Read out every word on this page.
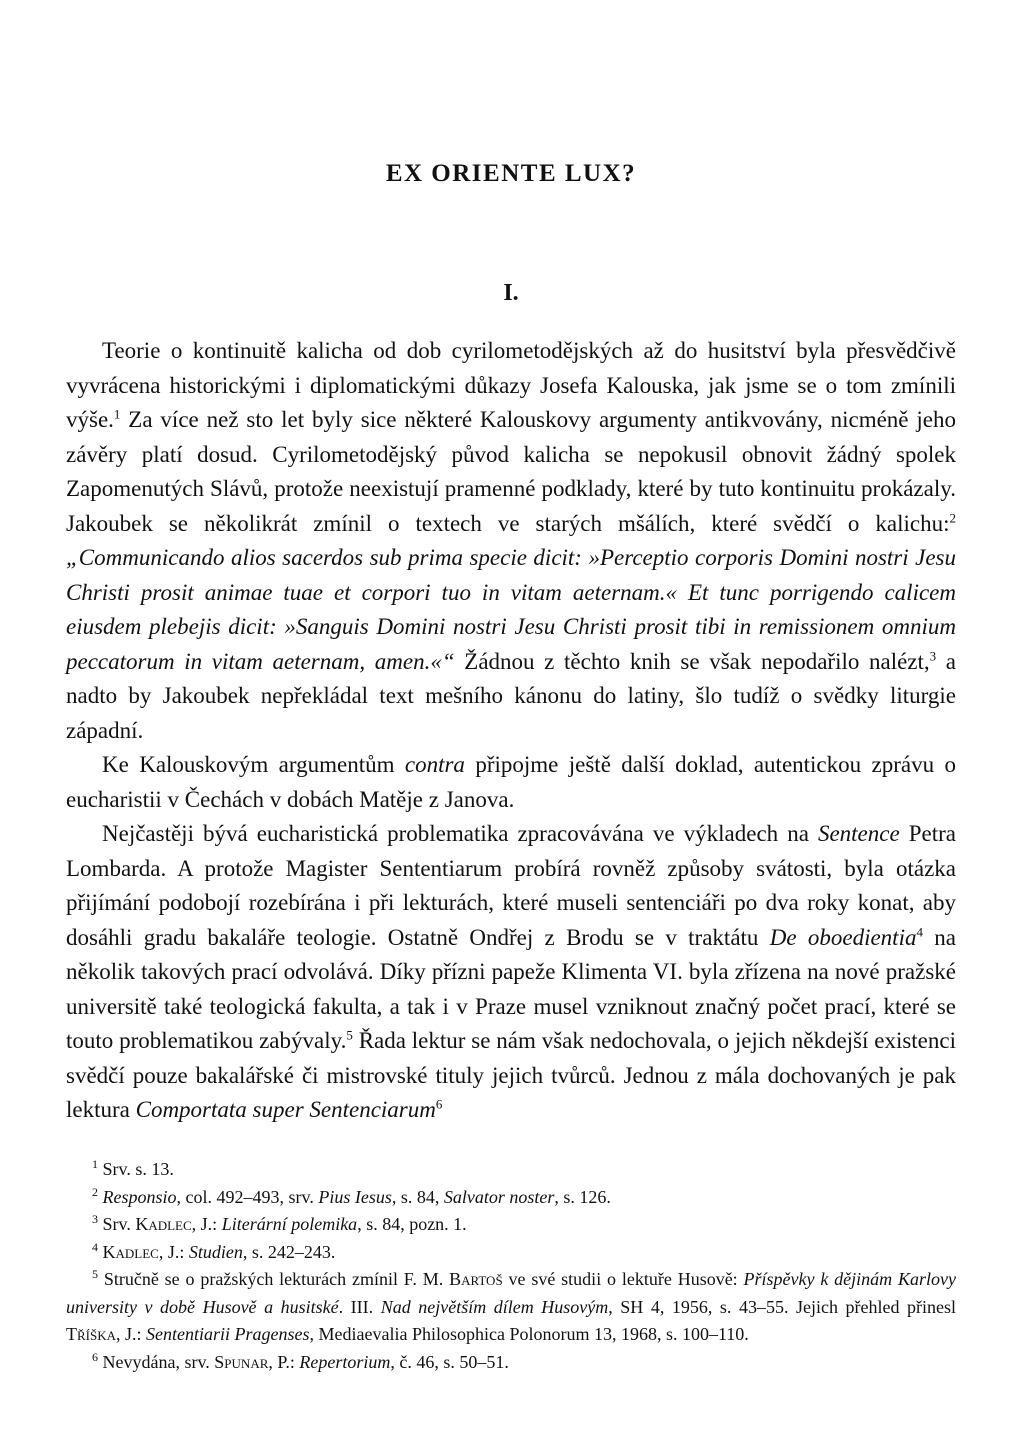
EX ORIENTE LUX?
I.

Teorie o kontinuitě kalicha od dob cyrilometodějských až do husitství byla přesvědčivě vyvrácena historickými i diplomatickými důkazy Josefa Kalouska, jak jsme se o tom zmínili výše.$^1$ Za více než sto let byly sice některé Kalouskovy argumenty antikvovány, nicméně jeho závěry platí dosud. Cyrilometodějský původ kalicha se nepokusil obnovit žádný spolek Zapomenutých Slávů, protože neexistují pramenné podklady, které by tuto kontinuitu prokázaly. Jakoubek se několikrát zmínil o textech ve starých mšálích, které svědčí o kalichu:$^2$ „Communicando alios sacerdos sub prima specie dicit: »Perceptio corporis Domini nostri Jesu Christi prosit animae tuae et corpori tuo in vitam aeternam.« Et tunc porrigendo calicem eiusdem plebejis dicit: »Sanguis Domini nostri Jesu Christi prosit tibi in remissionem omnium peccatorum in vitam aeternam, amen.«“ Žádnou z těchto knih se však nepodařilo nalézt,$^3$ a nadto by Jakoubek nepřekládal text mešního kánonu do latiny, šlo tudíž o svědky liturgie západní.

Ke Kalouskovým argumentům contra připojme ještě další doklad, autentickou zprávu o eucharistii v Čechách v dobách Matěje z Janova.

Nejčastěji bývá eucharistická problematika zpracovávána ve výkladech na Sentence Petra Lombarda. A protože Magister Sententiarum probírá rovněž způsoby svátosti, byla otázka přijímání podobojí rozebírána i při lekturách, které museli sentenciáři po dva roky konat, aby dosáhli gradu bakaláře teologie. Ostatně Ondřej z Brodu se v traktátu De oboedientia$^4$ na několik takových prací odvolává. Díky přízni papeže Klimenta VI. byla zřízena na nové pražské universitě také teologická fakulta, a tak i v Praze musel vzniknout značný počet prací, které se touto problematikou zabývaly.$^5$ Řada lektur se nám však nedochovala, o jejich někdejší existenci svědčí pouze bakalářské či mistrovské tituly jejich tvůrců. Jednou z mála dochovaných je pak lektura Comportata super Sentenciarum$^6$

$^1$ Srv. s. 13.

$^2$ Responsio, col. 492–493, srv. Pius Iesus, s. 84, Salvator noster, s. 126.

$^3$ Srv. Kadlec, J.: Literární polemika, s. 84, pozn. 1.

$^4$ Kadlec, J.: Studien, s. 242–243.

$^5$ Stručně se o pražských lekturách zmínil F. M. Bartoš ve své studii o lektuře Husově: Příspěvky k dějinám Karlovy university v době Husově a husitské. III. Nad největším dílem Husovým, SH 4, 1956, s. 43–55. Jejich přehled přinesl Tříška, J.: Sententiarii Pragenses, Mediaevalia Philosophica Polonorum 13, 1968, s. 100–110.

$^6$ Nevydána, srv. Spunar, P.: Repertorium, č. 46, s. 50–51.
